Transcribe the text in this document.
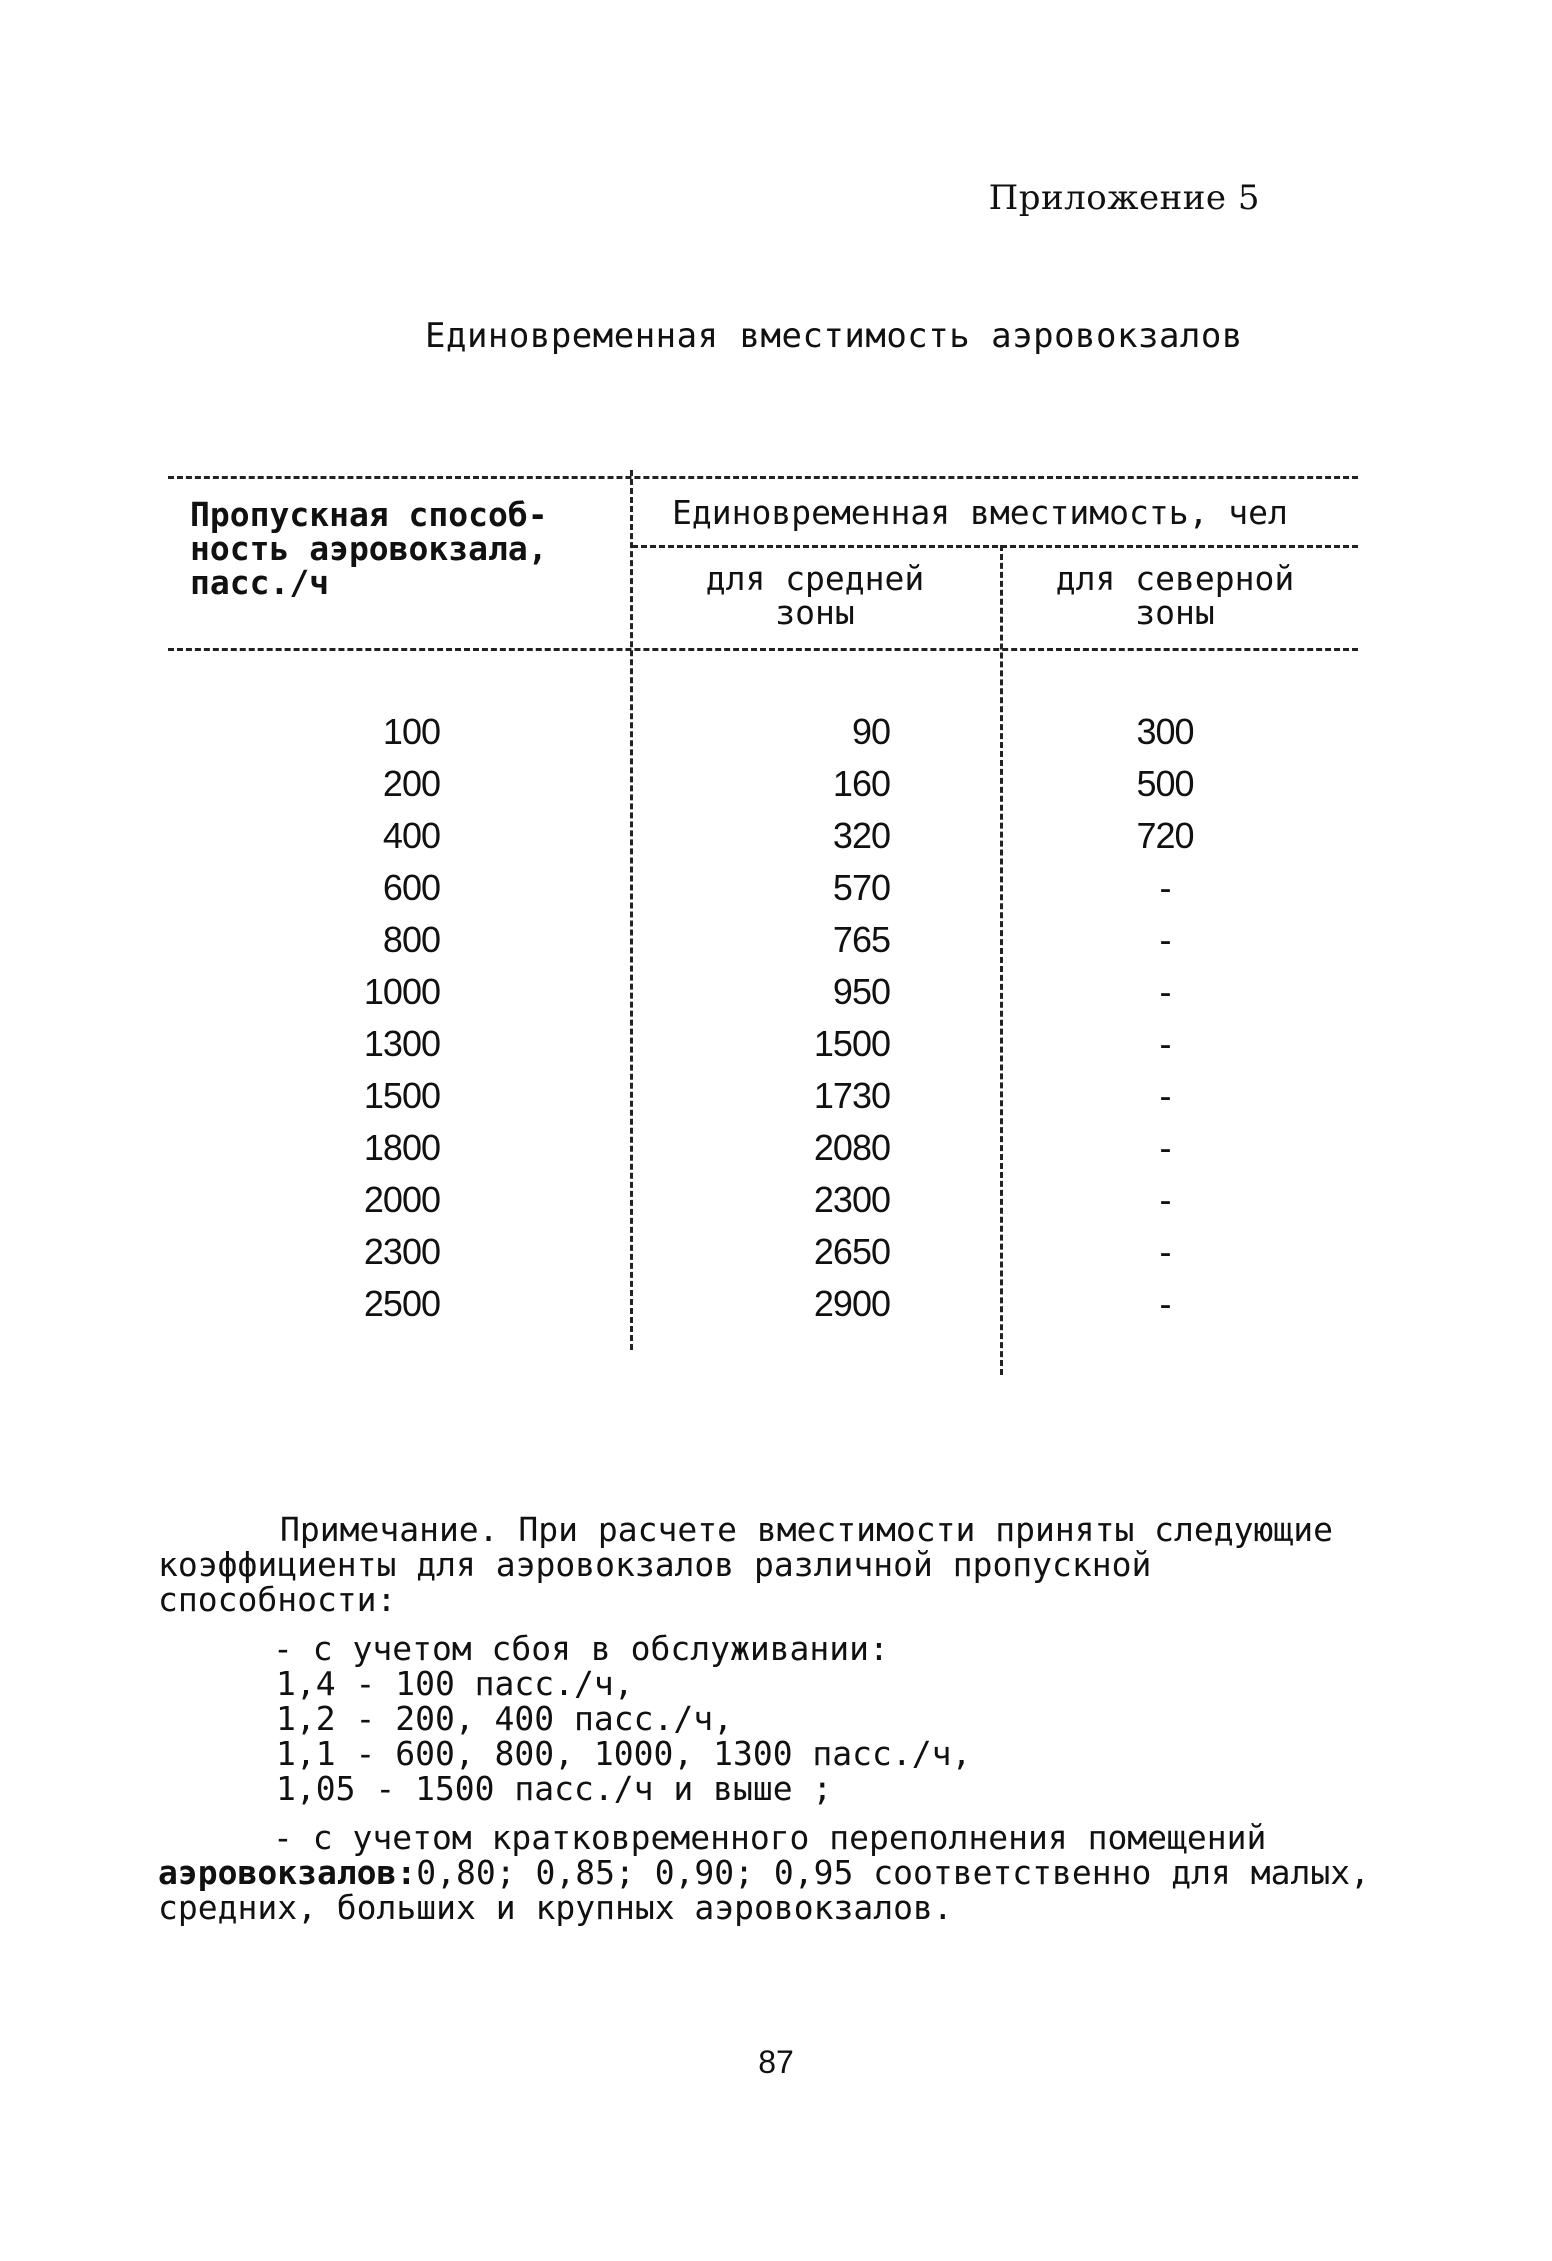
Приложение 5
Единовременная вместимость аэровокзалов
Пропускная способ-
ность аэровокзала,
пасс./ч
Единовременная вместимость, чел
для средней
зоны
для северной
зоны
100	90	300
200	160	500
400	320	720
600	570	-
800	765	-
1000	950	-
1300	1500	-
1500	1730	-
1800	2080	-
2000	2300	-
2300	2650	-
2500	2900	-

Примечание. При расчете вместимости приняты следующие коэффициенты для аэровокзалов различной пропускной способности:

- с учетом сбоя в обслуживании:

1,4 - 100 пасс./ч,

1,2 - 200, 400 пасс./ч,

1,1 - 600, 800, 1000, 1300 пасс./ч,

1,05 - 1500 пасс./ч и выше ;

- с учетом кратковременного переполнения помещений

аэровокзалов:0,80; 0,85; 0,90; 0,95 соответственно для малых, средних, больших и крупных аэровокзалов.

87
